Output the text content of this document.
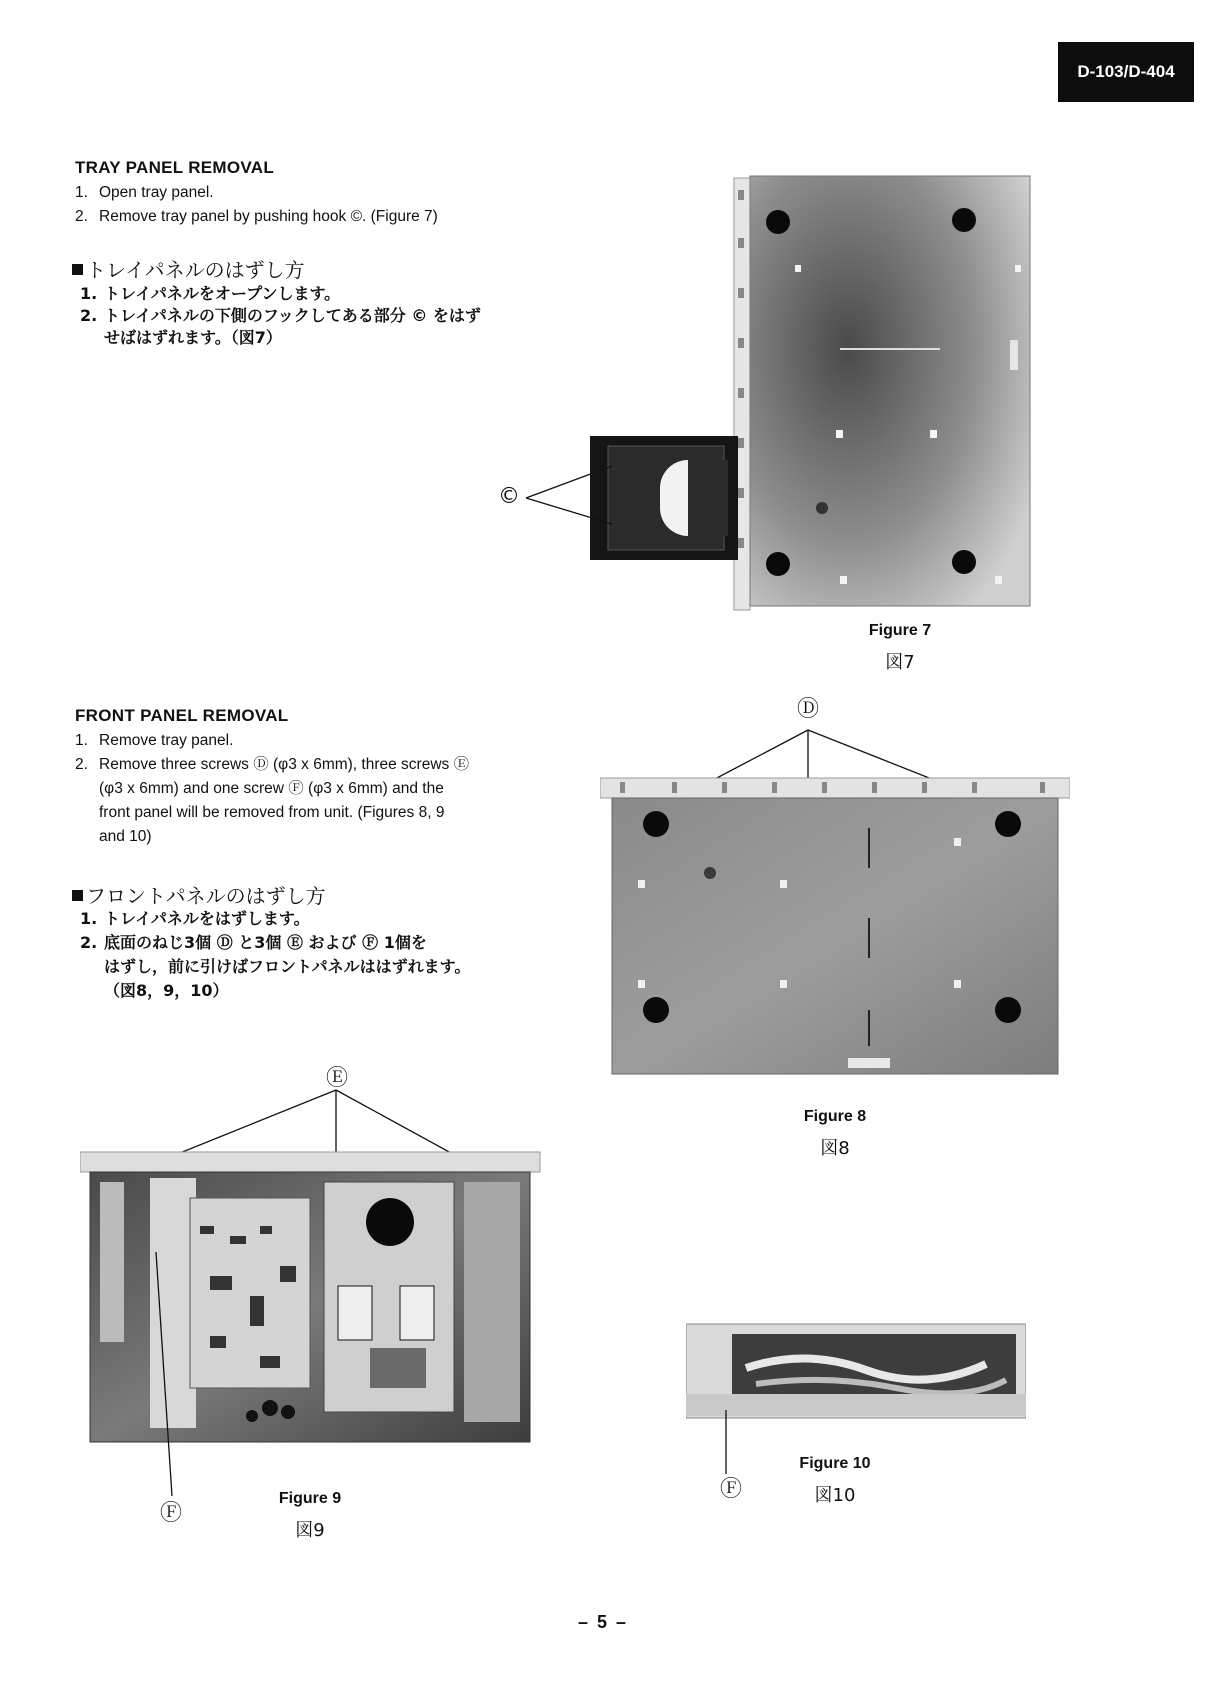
D-103/D-404
TRAY PANEL REMOVAL
1. Open tray panel.
2. Remove tray panel by pushing hook ©. (Figure 7)
トレイパネルのはずし方
1. トレイパネルをオープンします。
2. トレイパネルの下側のフックしてある部分 © をはず
せばはずれます。（図7）
FRONT PANEL REMOVAL
1. Remove tray panel.
2. Remove three screws Ⓓ (φ3 x 6mm), three screws Ⓔ
(φ3 x 6mm) and one screw Ⓕ (φ3 x 6mm) and the
front panel will be removed from unit. (Figures 8, 9
and 10)
フロントパネルのはずし方
1. トレイパネルをはずします。
2. 底面のねじ3個 Ⓓ と3個 Ⓔ および Ⓕ 1個を
はずし，前に引けばフロントパネルははずれます。
（図8，9，10）
©
Figure 7
図7
Ⓓ
Figure 8
図8
Ⓔ
Ⓕ
Figure 9
図9
Ⓕ
Figure 10
図10
– 5 –
